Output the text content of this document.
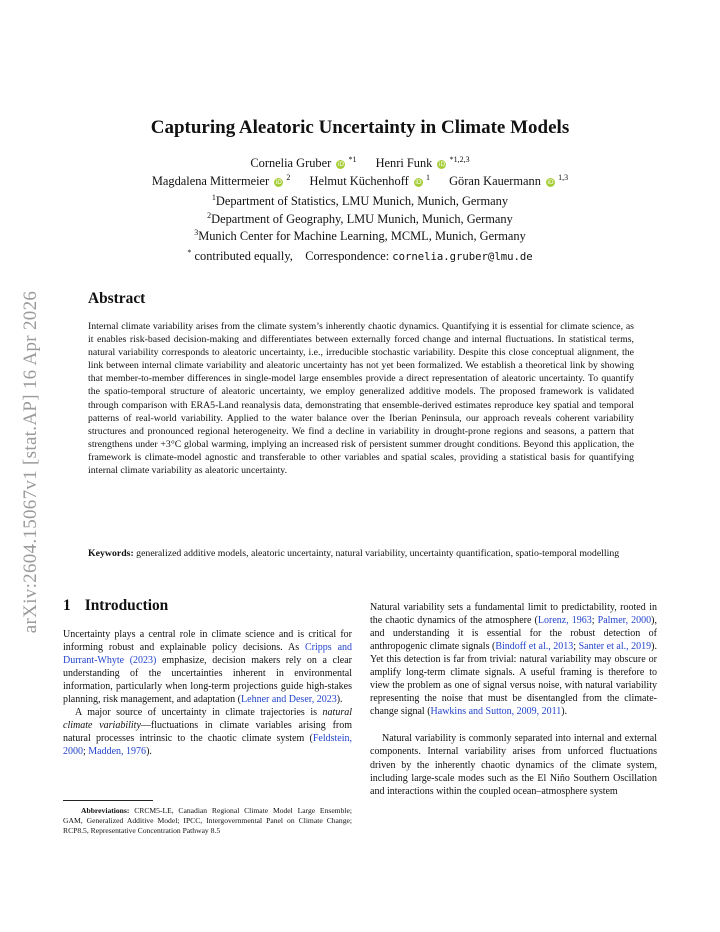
arXiv:2604.15067v1 [stat.AP] 16 Apr 2026
Capturing Aleatoric Uncertainty in Climate Models
Cornelia Gruber iD $^{*1}$ Henri Funk iD $^{*1,2,3}$
Magdalena Mittermeier iD $^2$ Helmut Küchenhoff iD $^1$ Göran Kauermann iD $^{1,3}$
$^1$Department of Statistics, LMU Munich, Munich, Germany
$^2$Department of Geography, LMU Munich, Munich, Germany
$^3$Munich Center for Machine Learning, MCML, Munich, Germany
* contributed equally, Correspondence: cornelia.gruber@lmu.de
Abstract
Internal climate variability arises from the climate system’s inherently chaotic dynamics. Quantifying it is essential for climate science, as it enables risk-based decision-making and differentiates between externally forced change and internal fluctuations. In statistical terms, natural variability corresponds to aleatoric uncertainty, i.e., irreducible stochastic variability. Despite this close conceptual alignment, the link between internal climate variability and aleatoric uncertainty has not yet been formalized. We establish a theoretical link by showing that member-to-member differences in single-model large ensembles provide a direct representation of aleatoric uncertainty. To quantify the spatio-temporal structure of aleatoric uncertainty, we employ generalized additive models. The proposed framework is validated through comparison with ERA5-Land reanalysis data, demonstrating that ensemble-derived estimates reproduce key spatial and temporal patterns of real-world variability. Applied to the water balance over the Iberian Peninsula, our approach reveals coherent variability structures and pronounced regional heterogeneity. We find a decline in variability in drought-prone regions and seasons, a pattern that strengthens under +3°C global warming, implying an increased risk of persistent summer drought conditions. Beyond this application, the framework is climate-model agnostic and transferable to other variables and spatial scales, providing a statistical basis for quantifying internal climate variability as aleatoric uncertainty.
Keywords: generalized additive models, aleatoric uncertainty, natural variability, uncertainty quantification, spatio-temporal modelling
1 Introduction

Uncertainty plays a central role in climate science and is critical for informing robust and explainable policy decisions. As Cripps and Durrant-Whyte (2023) emphasize, decision makers rely on a clear understanding of the uncertainties inherent in environmental information, particularly when long-term projections guide high-stakes planning, risk management, and adaptation (Lehner and Deser, 2023).

A major source of uncertainty in climate trajectories is natural climate variability—fluctuations in climate variables arising from natural processes intrinsic to the chaotic climate system (Feldstein, 2000; Madden, 1976).

Abbreviations: CRCM5-LE, Canadian Regional Climate Model Large Ensemble; GAM, Generalized Additive Model; IPCC, Intergovernmental Panel on Climate Change; RCP8.5, Representative Concentration Pathway 8.5

Natural variability sets a fundamental limit to predictability, rooted in the chaotic dynamics of the atmosphere (Lorenz, 1963; Palmer, 2000), and understanding it is essential for the robust detection of anthropogenic climate signals (Bindoff et al., 2013; Santer et al., 2019). Yet this detection is far from trivial: natural variability may obscure or amplify long-term climate signals. A useful framing is therefore to view the problem as one of signal versus noise, with natural variability representing the noise that must be disentangled from the climate-change signal (Hawkins and Sutton, 2009, 2011).

Natural variability is commonly separated into internal and external components. Internal variability arises from unforced fluctuations driven by the inherently chaotic dynamics of the climate system, including large-scale modes such as the El Niño Southern Oscillation and interactions within the coupled ocean–atmosphere system
